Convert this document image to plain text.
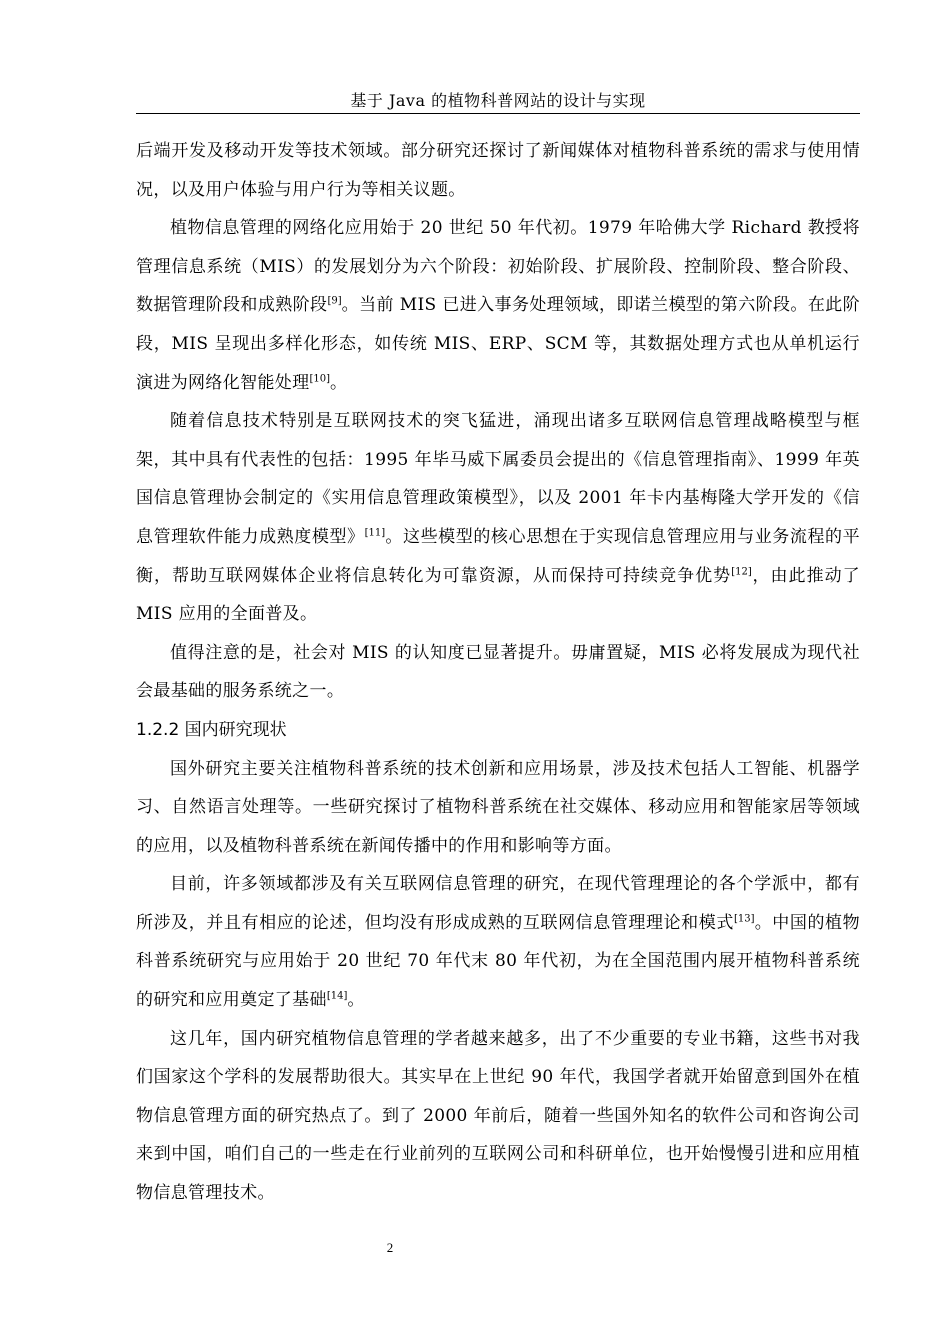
基于 Java 的植物科普网站的设计与实现

后端开发及移动开发等技术领域。部分研究还探讨了新闻媒体对植物科普系统的需求与使用情况，以及用户体验与用户行为等相关议题。

植物信息管理的网络化应用始于 20 世纪 50 年代初。1979 年哈佛大学 Richard 教授将管理信息系统（MIS）的发展划分为六个阶段：初始阶段、扩展阶段、控制阶段、整合阶段、数据管理阶段和成熟阶段[9]。当前 MIS 已进入事务处理领域，即诺兰模型的第六阶段。在此阶段，MIS 呈现出多样化形态，如传统 MIS、ERP、SCM 等，其数据处理方式也从单机运行演进为网络化智能处理[10]。

随着信息技术特别是互联网技术的突飞猛进，涌现出诸多互联网信息管理战略模型与框架，其中具有代表性的包括：1995 年毕马威下属委员会提出的《信息管理指南》、1999 年英国信息管理协会制定的《实用信息管理政策模型》，以及 2001 年卡内基梅隆大学开发的《信息管理软件能力成熟度模型》[11]。这些模型的核心思想在于实现信息管理应用与业务流程的平衡，帮助互联网媒体企业将信息转化为可靠资源，从而保持可持续竞争优势[12]，由此推动了 MIS 应用的全面普及。

值得注意的是，社会对 MIS 的认知度已显著提升。毋庸置疑，MIS 必将发展成为现代社会最基础的服务系统之一。

1.2.2 国内研究现状

国外研究主要关注植物科普系统的技术创新和应用场景，涉及技术包括人工智能、机器学习、自然语言处理等。一些研究探讨了植物科普系统在社交媒体、移动应用和智能家居等领域的应用，以及植物科普系统在新闻传播中的作用和影响等方面。

目前，许多领域都涉及有关互联网信息管理的研究，在现代管理理论的各个学派中，都有所涉及，并且有相应的论述，但均没有形成成熟的互联网信息管理理论和模式[13]。中国的植物科普系统研究与应用始于 20 世纪 70 年代末 80 年代初，为在全国范围内展开植物科普系统的研究和应用奠定了基础[14]。

这几年，国内研究植物信息管理的学者越来越多，出了不少重要的专业书籍，这些书对我们国家这个学科的发展帮助很大。其实早在上世纪 90 年代，我国学者就开始留意到国外在植物信息管理方面的研究热点了。到了 2000 年前后，随着一些国外知名的软件公司和咨询公司来到中国，咱们自己的一些走在行业前列的互联网公司和科研单位，也开始慢慢引进和应用植物信息管理技术。

2
